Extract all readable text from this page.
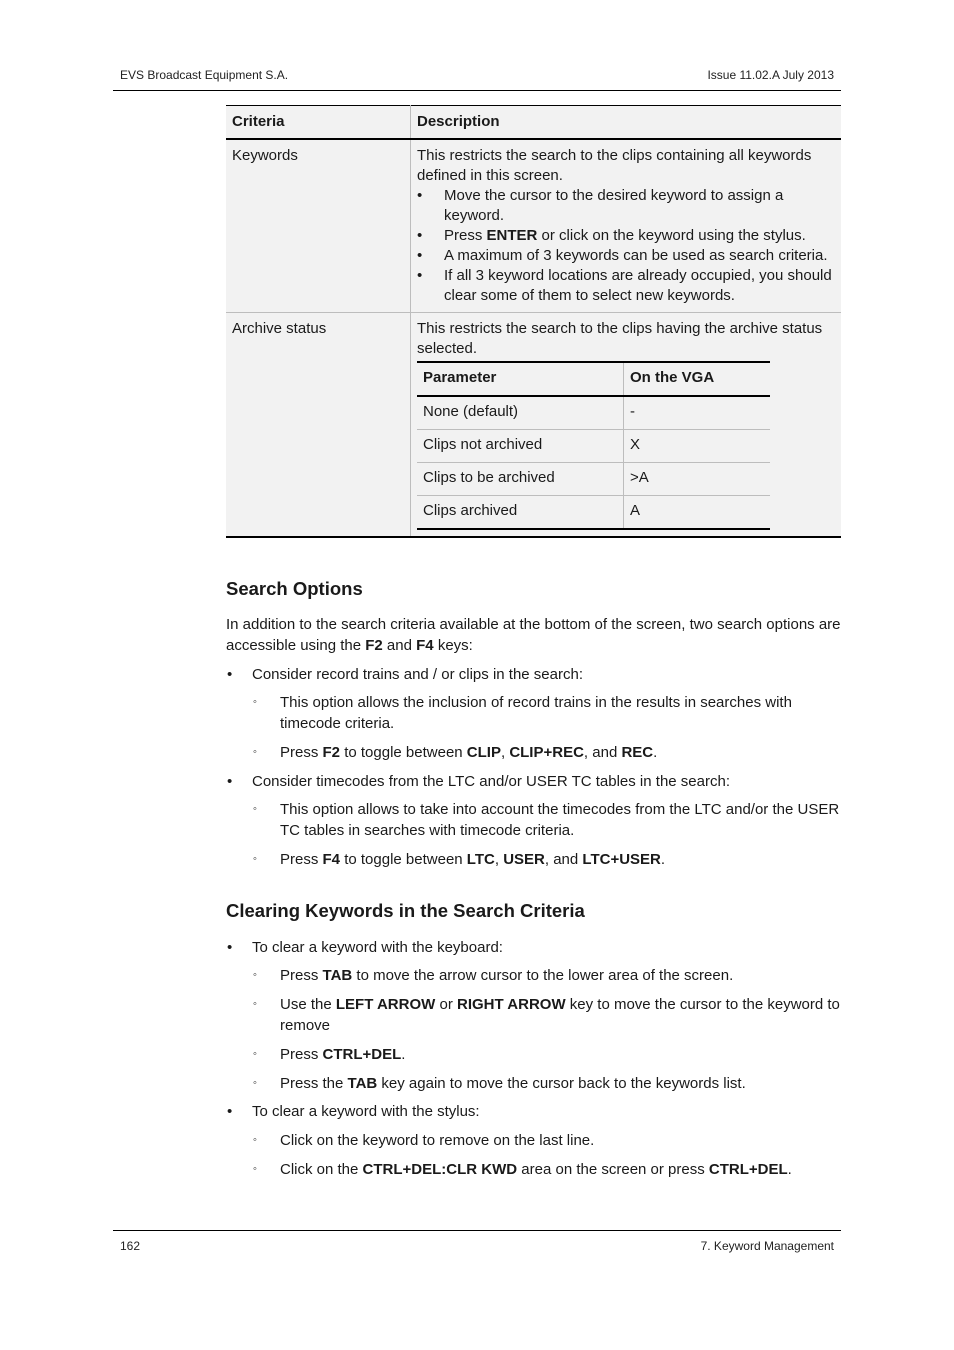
EVS Broadcast Equipment S.A.	Issue 11.02.A July 2013
Criteria	Description
Keywords	This restricts the search to the clips containing all keywords defined in this screen.
• Move the cursor to the desired keyword to assign a keyword.
• Press ENTER or click on the keyword using the stylus.
• A maximum of 3 keywords can be used as search criteria.
• If all 3 keyword locations are already occupied, you should clear some of them to select new keywords.

Archive status	This restricts the search to the clips having the archive status selected.
Parameter	On the VGA
None (default)	-
Clips not archived	X
Clips to be archived	>A
Clips archived	A
Search Options

In addition to the search criteria available at the bottom of the screen, two search options are accessible using the F2 and F4 keys:

• Consider record trains and / or clips in the search:

◦ This option allows the inclusion of record trains in the results in searches with timecode criteria.

◦ Press F2 to toggle between CLIP, CLIP+REC, and REC.

• Consider timecodes from the LTC and/or USER TC tables in the search:

◦ This option allows to take into account the timecodes from the LTC and/or the USER TC tables in searches with timecode criteria.

◦ Press F4 to toggle between LTC, USER, and LTC+USER.

Clearing Keywords in the Search Criteria

• To clear a keyword with the keyboard:

◦ Press TAB to move the arrow cursor to the lower area of the screen.

◦ Use the LEFT ARROW or RIGHT ARROW key to move the cursor to the keyword to remove

◦ Press CTRL+DEL.

◦ Press the TAB key again to move the cursor back to the keywords list.

• To clear a keyword with the stylus:

◦ Click on the keyword to remove on the last line.

◦ Click on the CTRL+DEL:CLR KWD area on the screen or press CTRL+DEL.

162	7. Keyword Management
